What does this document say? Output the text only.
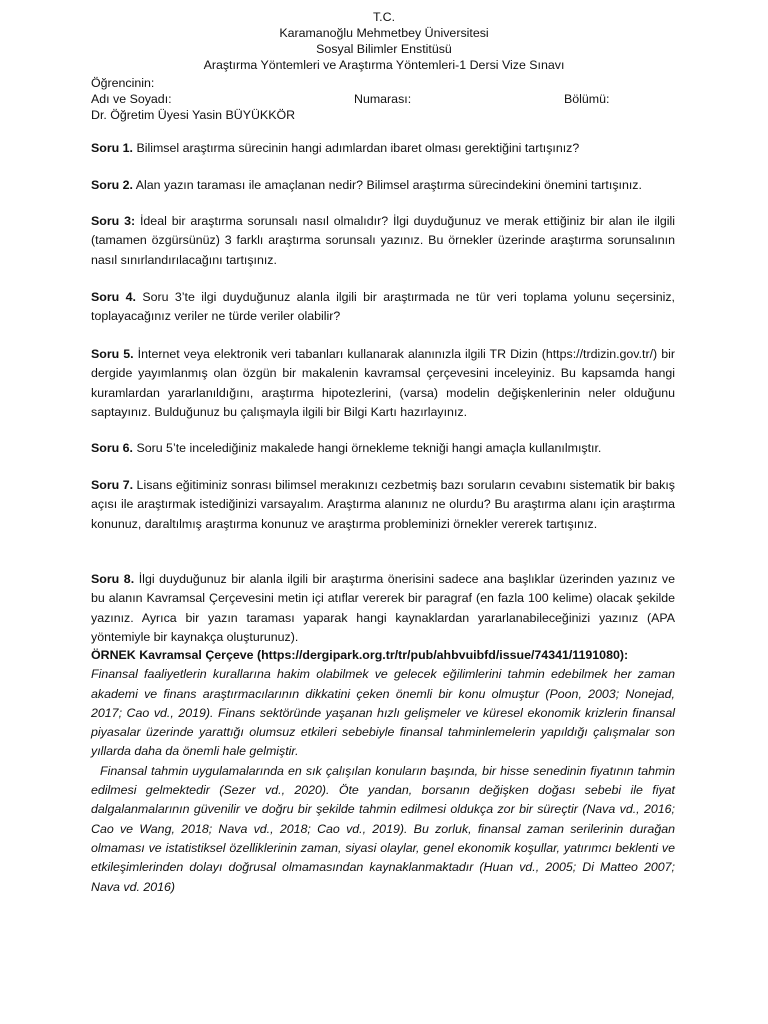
T.C.
Karamanoğlu Mehmetbey Üniversitesi
Sosyal Bilimler Enstitüsü
Araştırma Yöntemleri ve Araştırma Yöntemleri-1 Dersi Vize Sınavı
Öğrencinin:
Adı ve Soyadı:	Numarası:	Bölümü:
Dr. Öğretim Üyesi Yasin BÜYÜKKÖR
Soru 1. Bilimsel araştırma sürecinin hangi adımlardan ibaret olması gerektiğini tartışınız?
Soru 2. Alan yazın taraması ile amaçlanan nedir? Bilimsel araştırma sürecindekini önemini tartışınız.
Soru 3: İdeal bir araştırma sorunsalı nasıl olmalıdır? İlgi duyduğunuz ve merak ettiğiniz bir alan ile ilgili (tamamen özgürsünüz) 3 farklı araştırma sorunsalı yazınız. Bu örnekler üzerinde araştırma sorunsalının nasıl sınırlandırılacağını tartışınız.
Soru 4. Soru 3’te ilgi duyduğunuz alanla ilgili bir araştırmada ne tür veri toplama yolunu seçersiniz, toplayacağınız veriler ne türde veriler olabilir?
Soru 5. İnternet veya elektronik veri tabanları kullanarak alanınızla ilgili TR Dizin (https://trdizin.gov.tr/) bir dergide yayımlanmış olan özgün bir makalenin kavramsal çerçevesini inceleyiniz. Bu kapsamda hangi kuramlardan yararlanıldığını, araştırma hipotezlerini, (varsa) modelin değişkenlerinin neler olduğunu saptayınız. Bulduğunuz bu çalışmayla ilgili bir Bilgi Kartı hazırlayınız.
Soru 6. Soru 5’te incelediğiniz makalede hangi örnekleme tekniği hangi amaçla kullanılmıştır.
Soru 7. Lisans eğitiminiz sonrası bilimsel merakınızı cezbetmiş bazı soruların cevabını sistematik bir bakış açısı ile araştırmak istediğinizi varsayalım. Araştırma alanınız ne olurdu? Bu araştırma alanı için araştırma konunuz, daraltılmış araştırma konunuz ve araştırma probleminizi örnekler vererek tartışınız.
Soru 8. İlgi duyduğunuz bir alanla ilgili bir araştırma önerisini sadece ana başlıklar üzerinden yazınız ve bu alanın Kavramsal Çerçevesini metin içi atıflar vererek bir paragraf (en fazla 100 kelime) olacak şekilde yazınız. Ayrıca bir yazın taraması yaparak hangi kaynaklardan yararlanabileceğinizi yazınız (APA yöntemiyle bir kaynakça oluşturunuz).
ÖRNEK Kavramsal Çerçeve (https://dergipark.org.tr/tr/pub/ahbvuibfd/issue/74341/1191080):

Finansal faaliyetlerin kurallarına hakim olabilmek ve gelecek eğilimlerini tahmin edebilmek her zaman akademi ve finans araştırmacılarının dikkatini çeken önemli bir konu olmuştur (Poon, 2003; Nonejad, 2017; Cao vd., 2019). Finans sektöründe yaşanan hızlı gelişmeler ve küresel ekonomik krizlerin finansal piyasalar üzerinde yarattığı olumsuz etkileri sebebiyle finansal tahminlemelerin yapıldığı çalışmalar son yıllarda daha da önemli hale gelmiştir.

Finansal tahmin uygulamalarında en sık çalışılan konuların başında, bir hisse senedinin fiyatının tahmin edilmesi gelmektedir (Sezer vd., 2020). Öte yandan, borsanın değişken doğası sebebi ile fiyat dalgalanmalarının güvenilir ve doğru bir şekilde tahmin edilmesi oldukça zor bir süreçtir (Nava vd., 2016; Cao ve Wang, 2018; Nava vd., 2018; Cao vd., 2019). Bu zorluk, finansal zaman serilerinin durağan olmaması ve istatistiksel özelliklerinin zaman, siyasi olaylar, genel ekonomik koşullar, yatırımcı beklenti ve etkileşimlerinden dolayı doğrusal olmamasından kaynaklanmaktadır (Huan vd., 2005; Di Matteo 2007; Nava vd. 2016)
